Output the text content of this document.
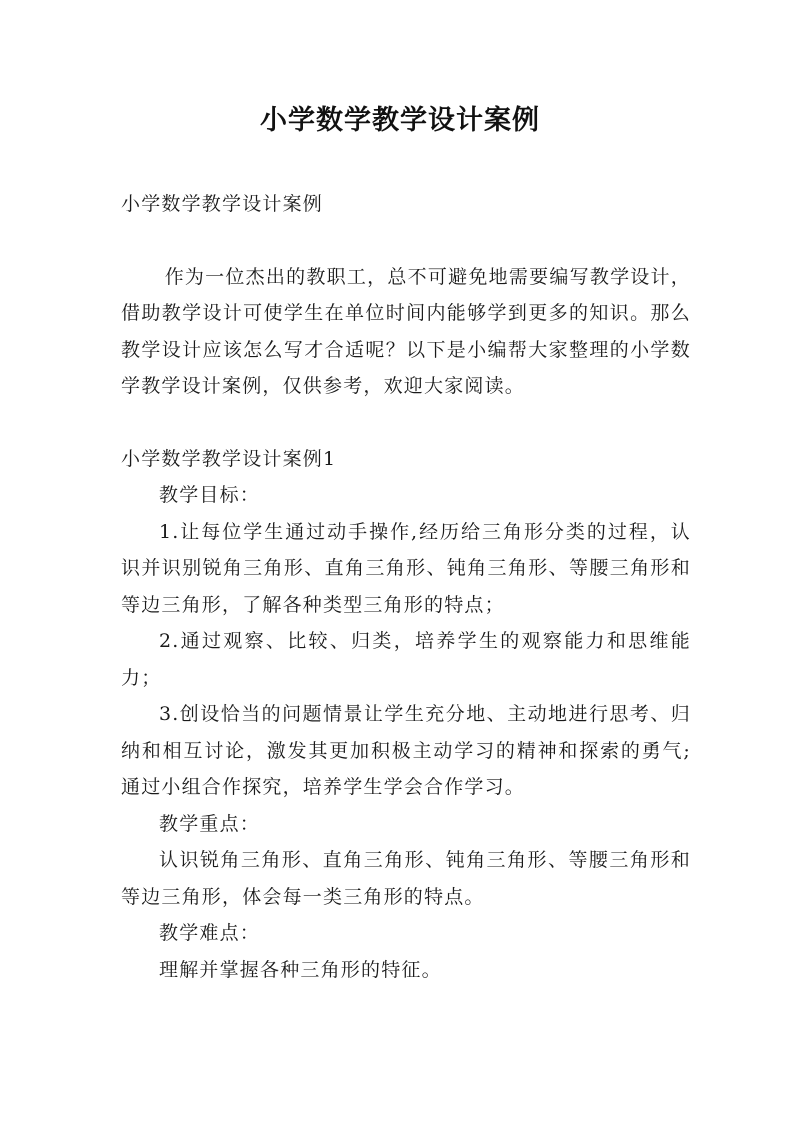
小学数学教学设计案例

小学数学教学设计案例

作为一位杰出的教职工，总不可避免地需要编写教学设计，借助教学设计可使学生在单位时间内能够学到更多的知识。那么教学设计应该怎么写才合适呢？以下是小编帮大家整理的小学数学教学设计案例，仅供参考，欢迎大家阅读。

小学数学教学设计案例1

教学目标：

1.让每位学生通过动手操作,经历给三角形分类的过程，认识并识别锐角三角形、直角三角形、钝角三角形、等腰三角形和等边三角形，了解各种类型三角形的特点；

2.通过观察、比较、归类，培养学生的观察能力和思维能力；

3.创设恰当的问题情景让学生充分地、主动地进行思考、归纳和相互讨论，激发其更加积极主动学习的精神和探索的勇气;通过小组合作探究，培养学生学会合作学习。

教学重点：

认识锐角三角形、直角三角形、钝角三角形、等腰三角形和等边三角形，体会每一类三角形的特点。

教学难点：

理解并掌握各种三角形的特征。
